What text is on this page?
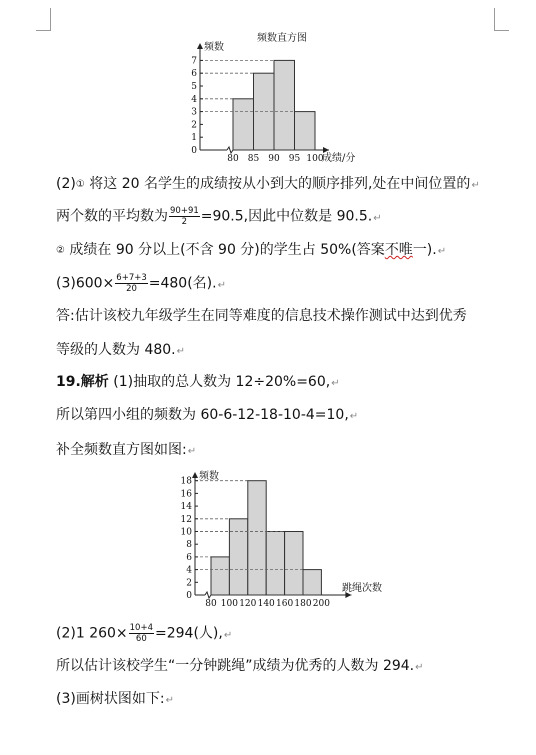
0
1
2
3
4
5
6
7
80 85 90 95 100
频数
成绩/分
频数直方图
(2)① 将这 20 名学生的成绩按从小到大的顺序排列,处在中间位置的↵
两个数的平均数为 $\frac{90+91}{2} =90.5$,因此中位数是 90.5.↵
② 成绩在 90 分以上(不含 90 分)的学生占 50%(答案不唯一).↵
$(3)600\times \frac{6+7+3}{20} =480$(名).↵
答:估计该校九年级学生在同等难度的信息技术操作测试中达到优秀
等级的人数为 480.↵
19.解析 (1)抽取的总人数为 12÷20%=60,↵
所以第四小组的频数为 60-6-12-18-10-4=10,↵
补全频数直方图如图:↵
0
2
4
6
8
10
12
14
16
18
80 100 120 140 160 180 200
频数
跳绳次数
(2)1 $260\times \frac{10+4}{60} =294$(人),↵
所以估计该校学生“一分钟跳绳”成绩为优秀的人数为 294.↵
(3)画树状图如下:↵
